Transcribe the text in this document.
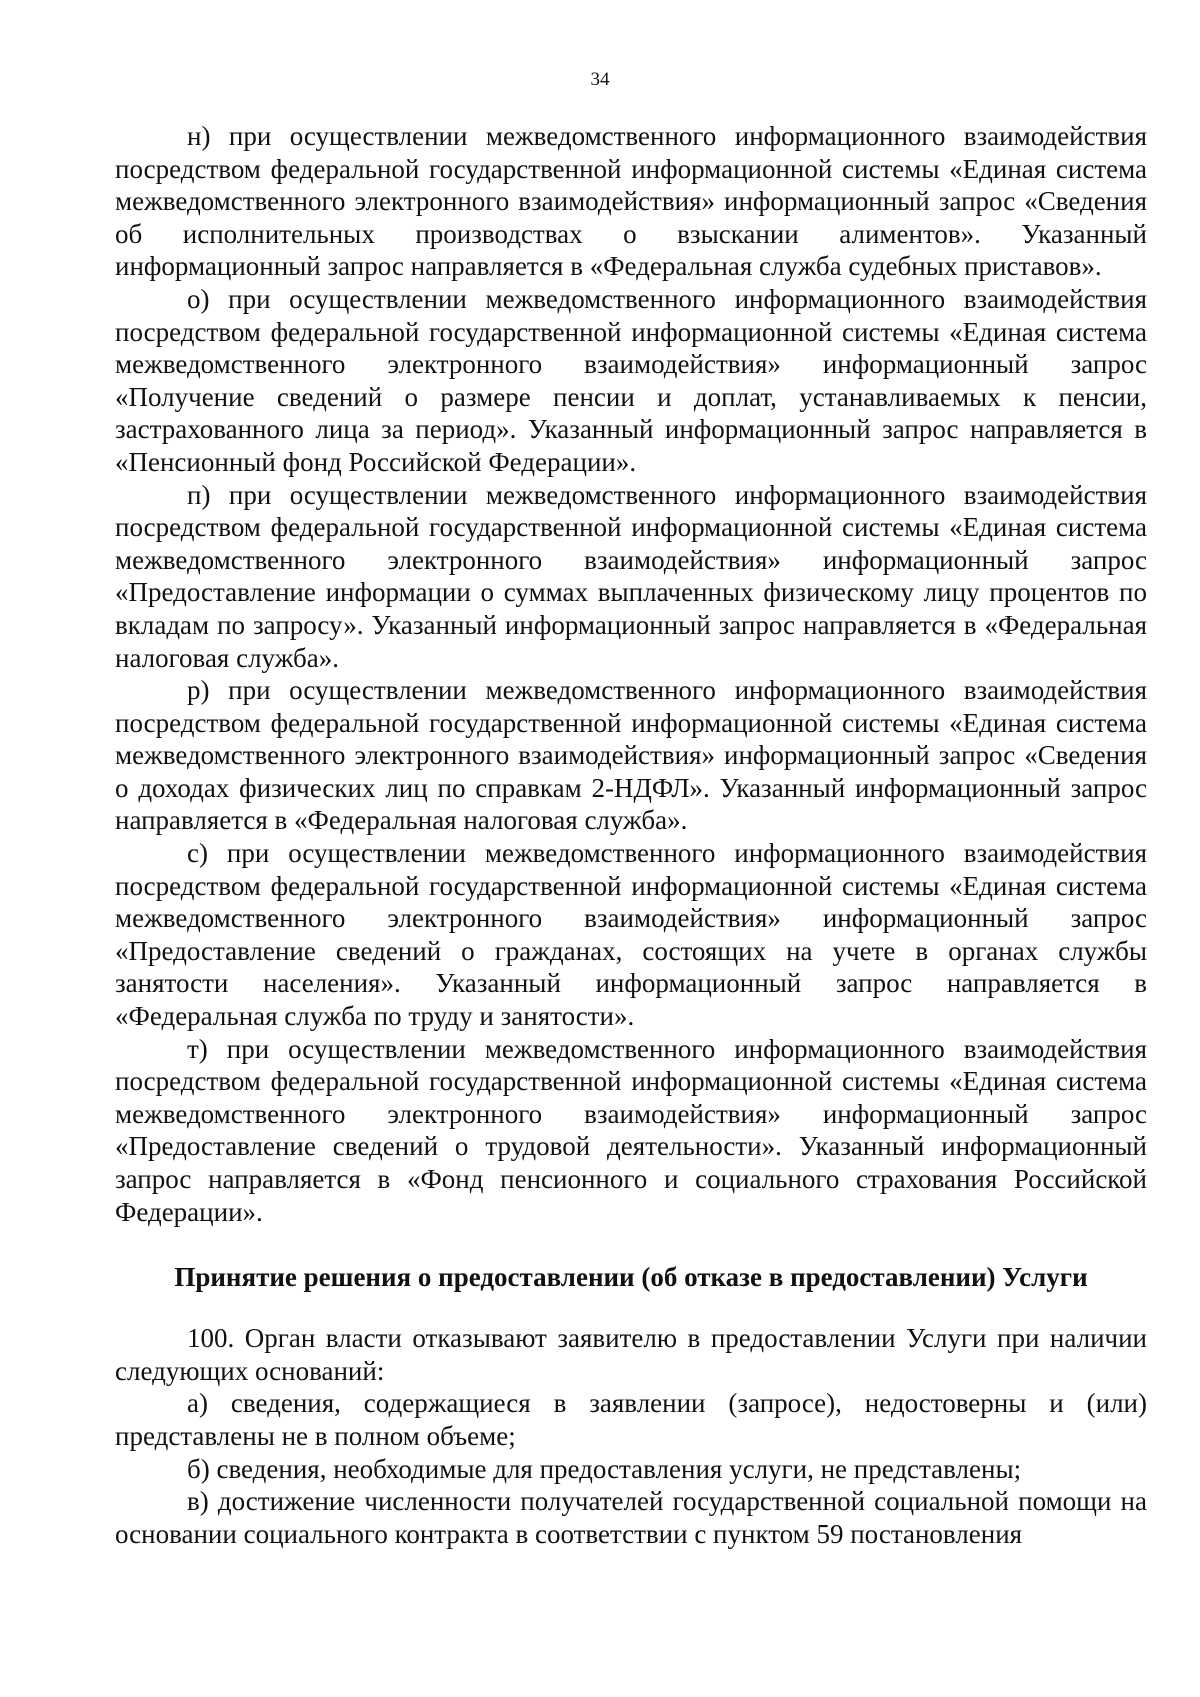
34

н) при осуществлении межведомственного информационного взаимодействия посредством федеральной государственной информационной системы «Единая система межведомственного электронного взаимодействия» информационный запрос «Сведения об исполнительных производствах о взыскании алиментов». Указанный информационный запрос направляется в «Федеральная служба судебных приставов».

о) при осуществлении межведомственного информационного взаимодействия посредством федеральной государственной информационной системы «Единая система межведомственного электронного взаимодействия» информационный запрос «Получение сведений о размере пенсии и доплат, устанавливаемых к пенсии, застрахованного лица за период». Указанный информационный запрос направляется в «Пенсионный фонд Российской Федерации».

п) при осуществлении межведомственного информационного взаимодействия посредством федеральной государственной информационной системы «Единая система межведомственного электронного взаимодействия» информационный запрос «Предоставление информации о суммах выплаченных физическому лицу процентов по вкладам по запросу». Указанный информационный запрос направляется в «Федеральная налоговая служба».

р) при осуществлении межведомственного информационного взаимодействия посредством федеральной государственной информационной системы «Единая система межведомственного электронного взаимодействия» информационный запрос «Сведения о доходах физических лиц по справкам 2-НДФЛ». Указанный информационный запрос направляется в «Федеральная налоговая служба».

с) при осуществлении межведомственного информационного взаимодействия посредством федеральной государственной информационной системы «Единая система межведомственного электронного взаимодействия» информационный запрос «Предоставление сведений о гражданах, состоящих на учете в органах службы занятости населения». Указанный информационный запрос направляется в «Федеральная служба по труду и занятости».

т) при осуществлении межведомственного информационного взаимодействия посредством федеральной государственной информационной системы «Единая система межведомственного электронного взаимодействия» информационный запрос «Предоставление сведений о трудовой деятельности». Указанный информационный запрос направляется в «Фонд пенсионного и социального страхования Российской Федерации».

Принятие решения о предоставлении (об отказе в предоставлении) Услуги

100. Орган власти отказывают заявителю в предоставлении Услуги при наличии следующих оснований:

а) сведения, содержащиеся в заявлении (запросе), недостоверны и (или) представлены не в полном объеме;

б) сведения, необходимые для предоставления услуги, не представлены;

в) достижение численности получателей государственной социальной помощи на основании социального контракта в соответствии с пунктом 59 постановления
